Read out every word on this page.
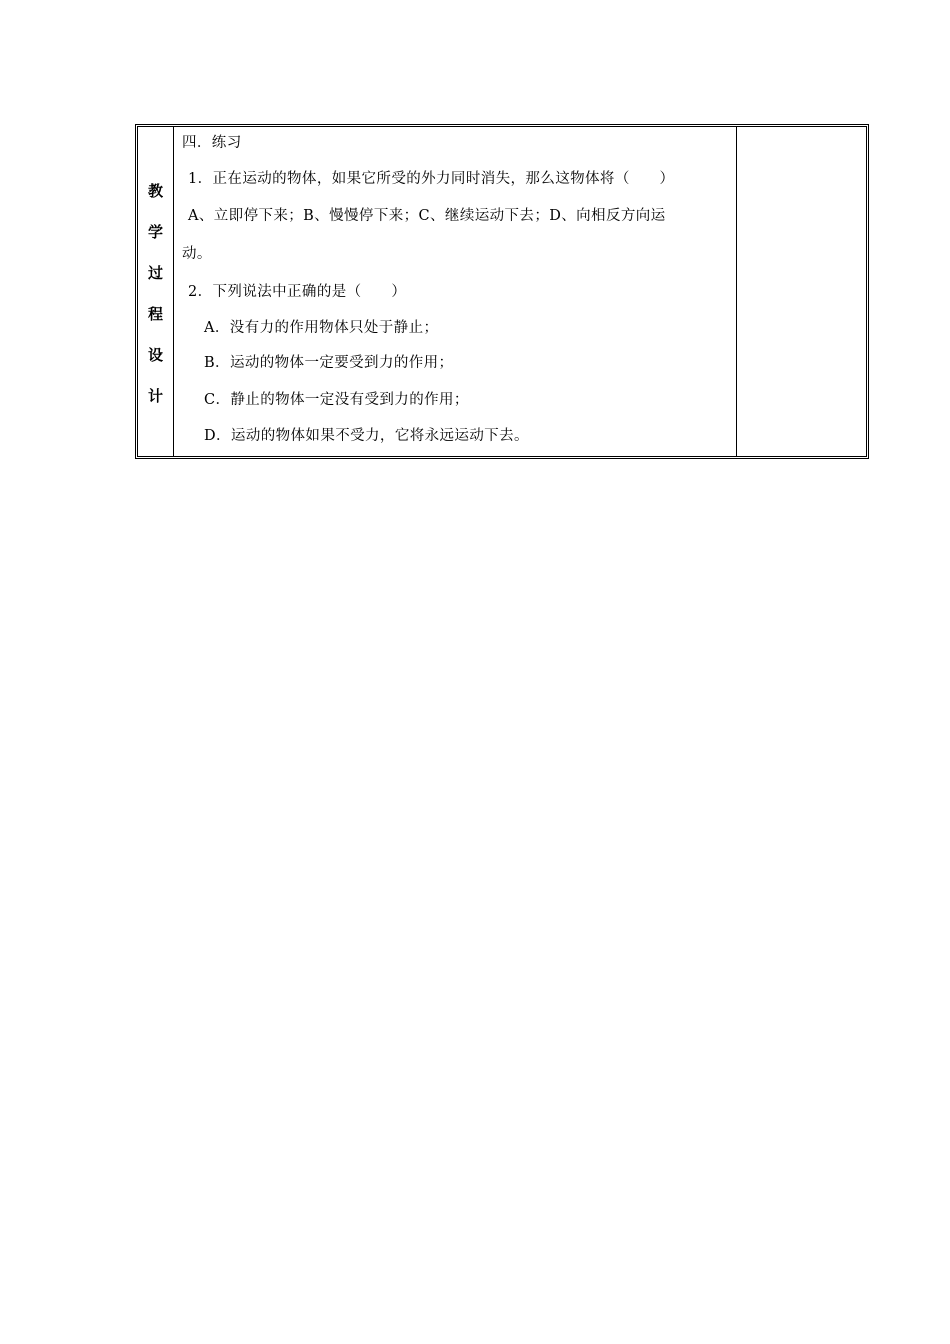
教
学
过
程
设
计
四．练习
1．正在运动的物体，如果它所受的外力同时消失，那么这物体将（　　）
A、立即停下来；B、慢慢停下来；C、继续运动下去；D、向相反方向运
动。
2．下列说法中正确的是（　　）
A．没有力的作用物体只处于静止；
B．运动的物体一定要受到力的作用；
C．静止的物体一定没有受到力的作用；
D．运动的物体如果不受力，它将永远运动下去。
